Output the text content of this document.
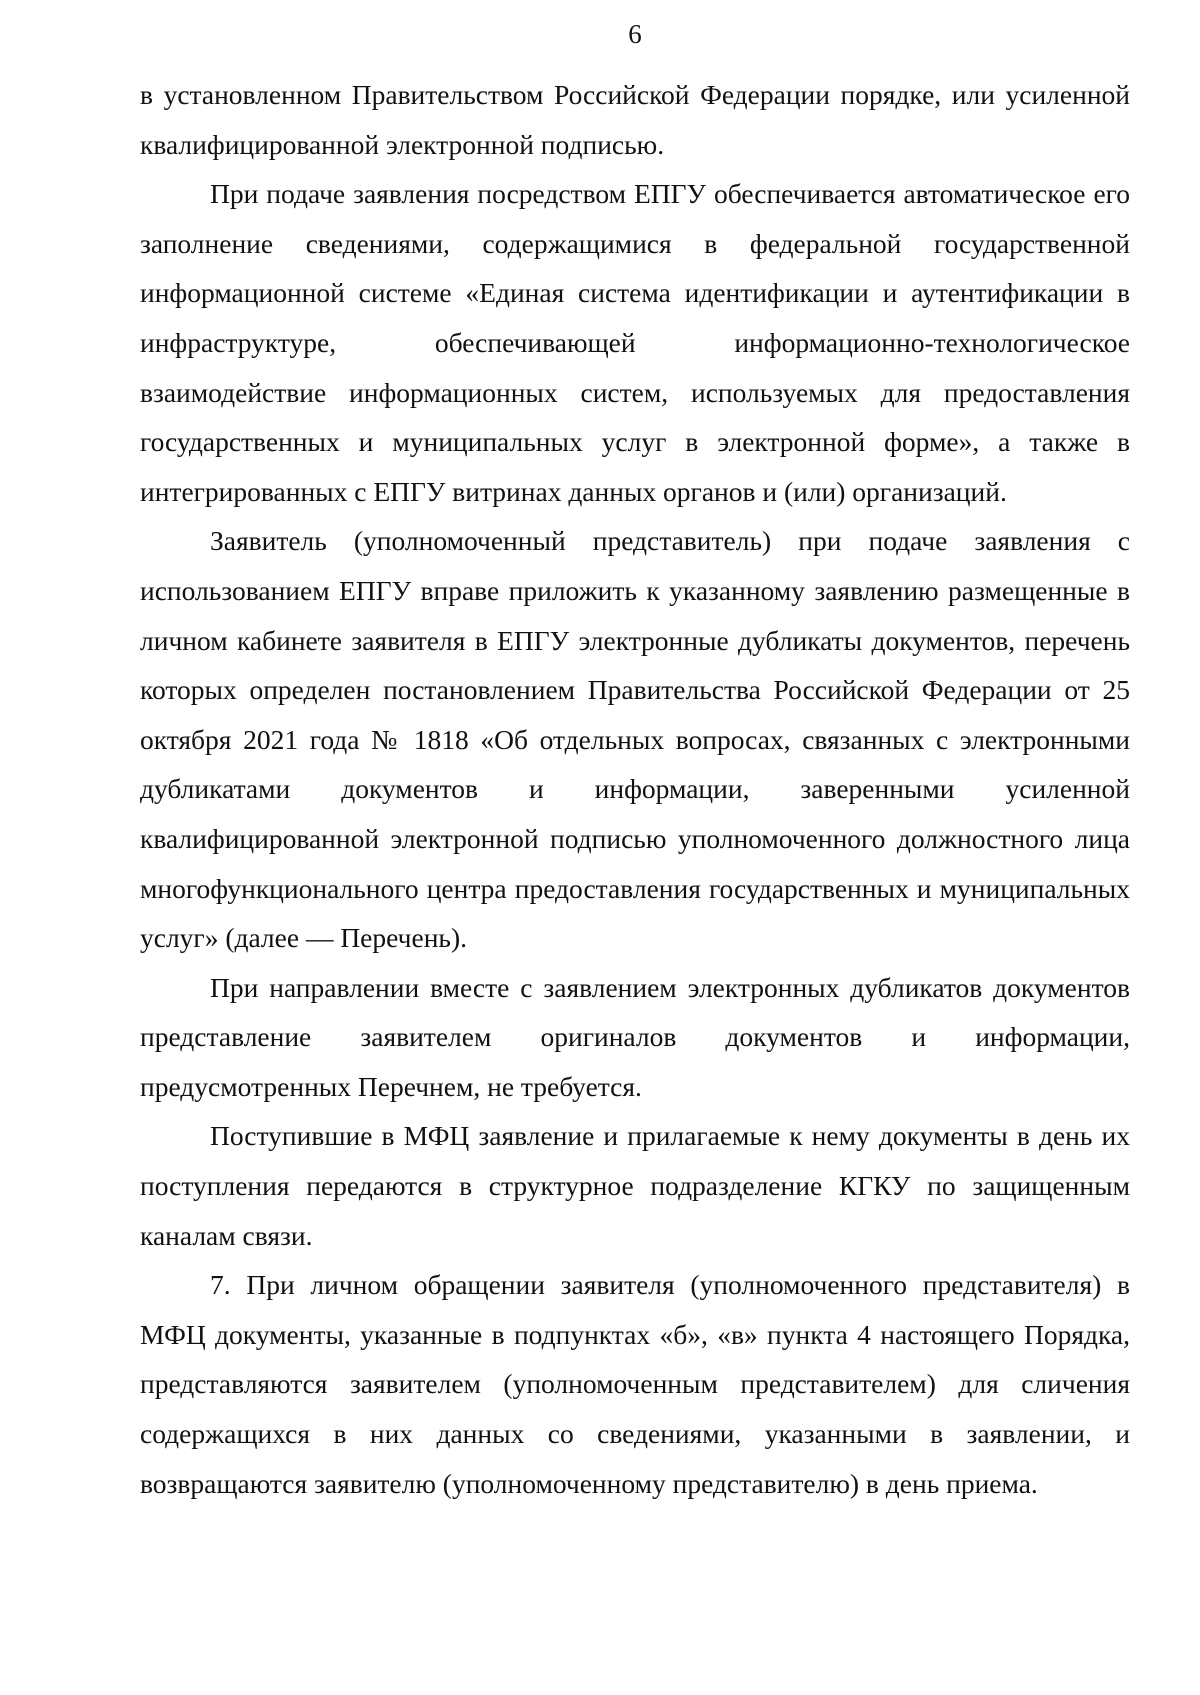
6

в установленном Правительством Российской Федерации порядке, или усиленной квалифицированной электронной подписью.

При подаче заявления посредством ЕПГУ обеспечивается автоматическое его заполнение сведениями, содержащимися в федеральной государственной информационной системе «Единая система идентификации и аутентификации в инфраструктуре, обеспечивающей информационно-технологическое взаимодействие информационных систем, используемых для предоставления государственных и муниципальных услуг в электронной форме», а также в интегрированных с ЕПГУ витринах данных органов и (или) организаций.

Заявитель (уполномоченный представитель) при подаче заявления с использованием ЕПГУ вправе приложить к указанному заявлению размещенные в личном кабинете заявителя в ЕПГУ электронные дубликаты документов, перечень которых определен постановлением Правительства Российской Федерации от 25 октября 2021 года № 1818 «Об отдельных вопросах, связанных с электронными дубликатами документов и информации, заверенными усиленной квалифицированной электронной подписью уполномоченного должностного лица многофункционального центра предоставления государственных и муниципальных услуг» (далее — Перечень).

При направлении вместе с заявлением электронных дубликатов документов представление заявителем оригиналов документов и информации, предусмотренных Перечнем, не требуется.

Поступившие в МФЦ заявление и прилагаемые к нему документы в день их поступления передаются в структурное подразделение КГКУ по защищенным каналам связи.

7. При личном обращении заявителя (уполномоченного представителя) в МФЦ документы, указанные в подпунктах «б», «в» пункта 4 настоящего Порядка, представляются заявителем (уполномоченным представителем) для сличения содержащихся в них данных со сведениями, указанными в заявлении, и возвращаются заявителю (уполномоченному представителю) в день приема.
